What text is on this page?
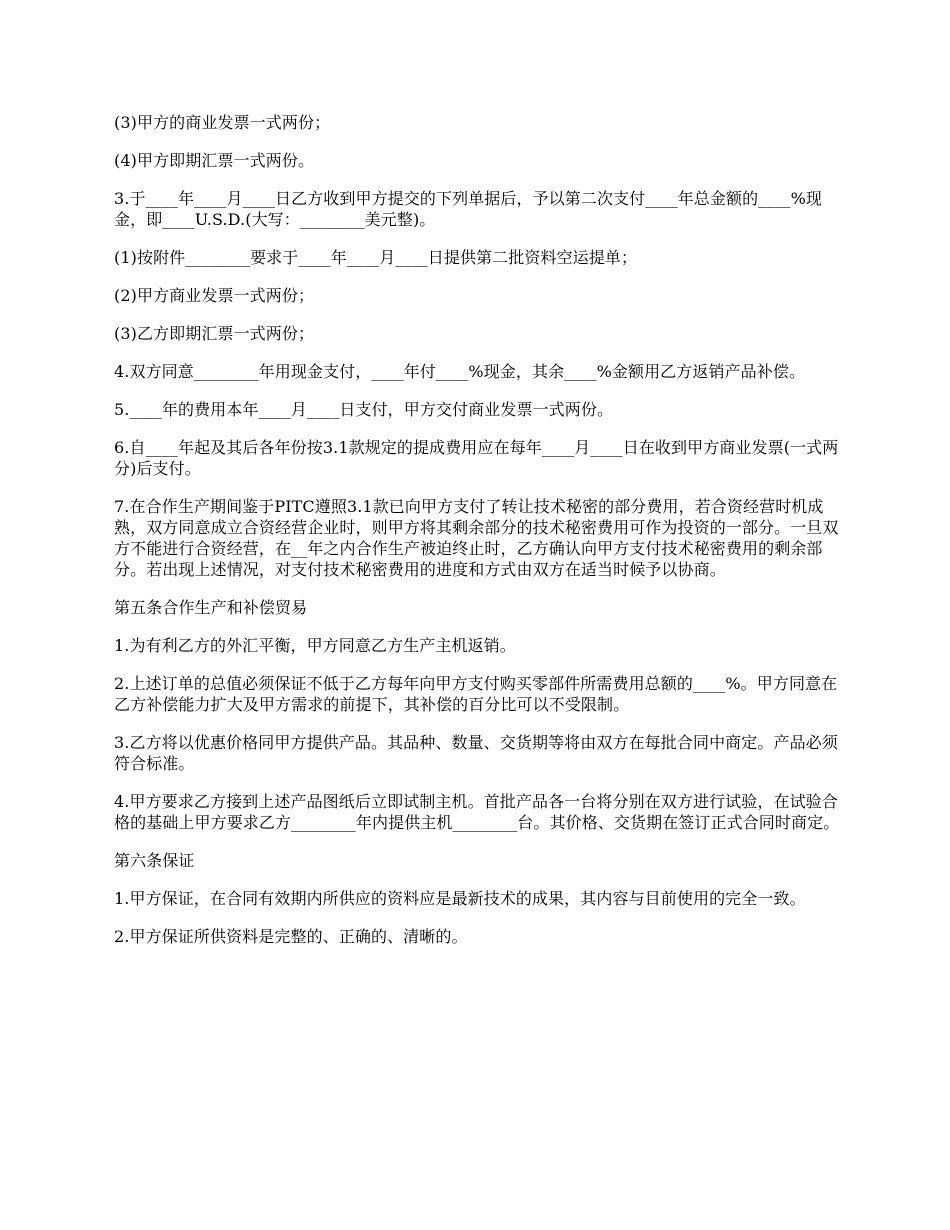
(3)甲方的商业发票一式两份；

(4)甲方即期汇票一式两份。

3.于____年____月____日乙方收到甲方提交的下列单据后，予以第二次支付____年总金额的____%现金，即____U.S.D.(大写：________美元整)。

(1)按附件________要求于____年____月____日提供第二批资料空运提单；

(2)甲方商业发票一式两份；

(3)乙方即期汇票一式两份；

4.双方同意________年用现金支付，____年付____%现金，其余____%金额用乙方返销产品补偿。

5.____年的费用本年____月____日支付，甲方交付商业发票一式两份。

6.自____年起及其后各年份按3.1款规定的提成费用应在每年____月____日在收到甲方商业发票(一式两分)后支付。

7.在合作生产期间鉴于PITC遵照3.1款已向甲方支付了转让技术秘密的部分费用，若合资经营时机成熟，双方同意成立合资经营企业时，则甲方将其剩余部分的技术秘密费用可作为投资的一部分。一旦双方不能进行合资经营，在__年之内合作生产被迫终止时，乙方确认向甲方支付技术秘密费用的剩余部分。若出现上述情况，对支付技术秘密费用的进度和方式由双方在适当时候予以协商。

第五条合作生产和补偿贸易

1.为有利乙方的外汇平衡，甲方同意乙方生产主机返销。

2.上述订单的总值必须保证不低于乙方每年向甲方支付购买零部件所需费用总额的____%。甲方同意在乙方补偿能力扩大及甲方需求的前提下，其补偿的百分比可以不受限制。

3.乙方将以优惠价格同甲方提供产品。其品种、数量、交货期等将由双方在每批合同中商定。产品必须符合标准。

4.甲方要求乙方接到上述产品图纸后立即试制主机。首批产品各一台将分别在双方进行试验，在试验合格的基础上甲方要求乙方________年内提供主机________台。其价格、交货期在签订正式合同时商定。

第六条保证

1.甲方保证，在合同有效期内所供应的资料应是最新技术的成果，其内容与目前使用的完全一致。

2.甲方保证所供资料是完整的、正确的、清晰的。
